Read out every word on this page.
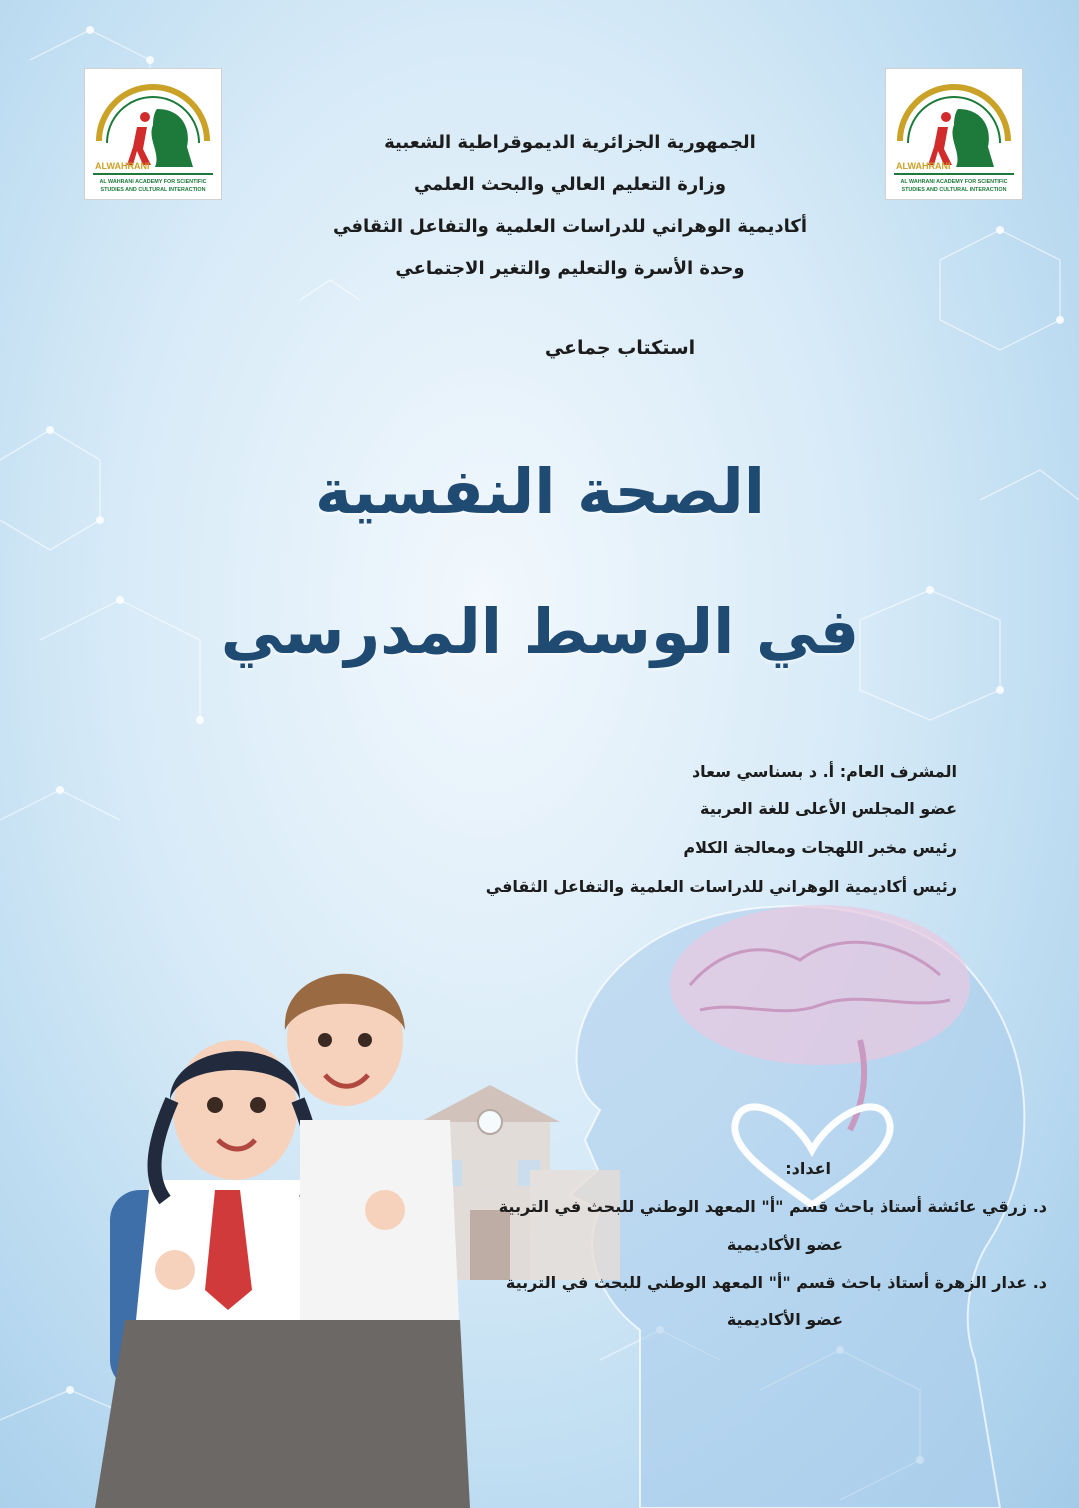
ALWAHRANI
AL WAHRANI ACADEMY FOR SCIENTIFIC
STUDIES AND CULTURAL INTERACTION
ALWAHRANI
AL WAHRANI ACADEMY FOR SCIENTIFIC
STUDIES AND CULTURAL INTERACTION
الجمهورية الجزائرية الديموقراطية الشعبية
وزارة التعليم العالي والبحث العلمي
أكاديمية الوهراني للدراسات العلمية والتفاعل الثقافي
وحدة الأسرة والتعليم والتغير الاجتماعي
استكتاب جماعي
الصحة النفسية
في الوسط المدرسي
المشرف العام: أ. د بسناسي سعاد
عضو المجلس الأعلى للغة العربية
رئيس مخبر اللهجات ومعالجة الكلام
رئيس أكاديمية الوهراني للدراسات العلمية والتفاعل الثقافي
اعداد:
د. زرقي عائشة أستاذ باحث قسم "أ" المعهد الوطني للبحث في التربية
عضو الأكاديمية
د. عدار الزهرة أستاذ باحث قسم "أ" المعهد الوطني للبحث في التربية
عضو الأكاديمية
